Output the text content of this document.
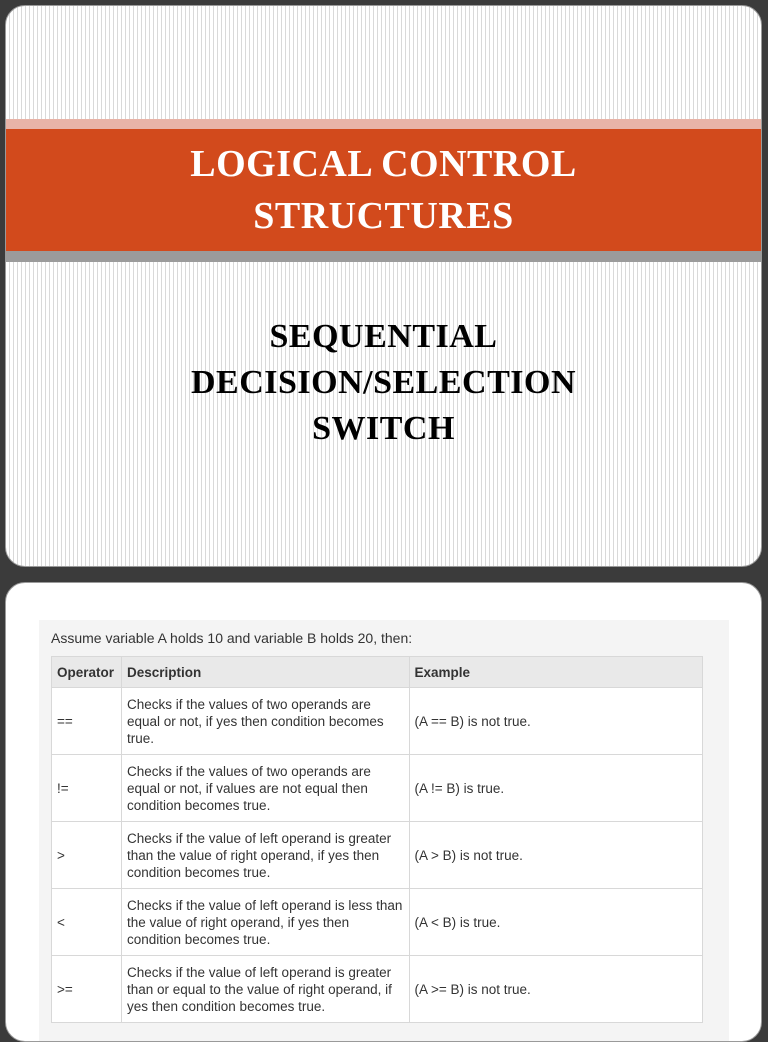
LOGICAL CONTROL
STRUCTURES
SEQUENTIAL
DECISION/SELECTION
SWITCH
Assume variable A holds 10 and variable B holds 20, then:
Operator	Description	Example
==	Checks if the values of two operands are equal or not, if yes then condition becomes true.	(A == B) is not true.
!=	Checks if the values of two operands are equal or not, if values are not equal then condition becomes true.	(A != B) is true.
>	Checks if the value of left operand is greater than the value of right operand, if yes then condition becomes true.	(A > B) is not true.
<	Checks if the value of left operand is less than the value of right operand, if yes then condition becomes true.	(A < B) is true.
>=	Checks if the value of left operand is greater than or equal to the value of right operand, if yes then condition becomes true.	(A >= B) is not true.
